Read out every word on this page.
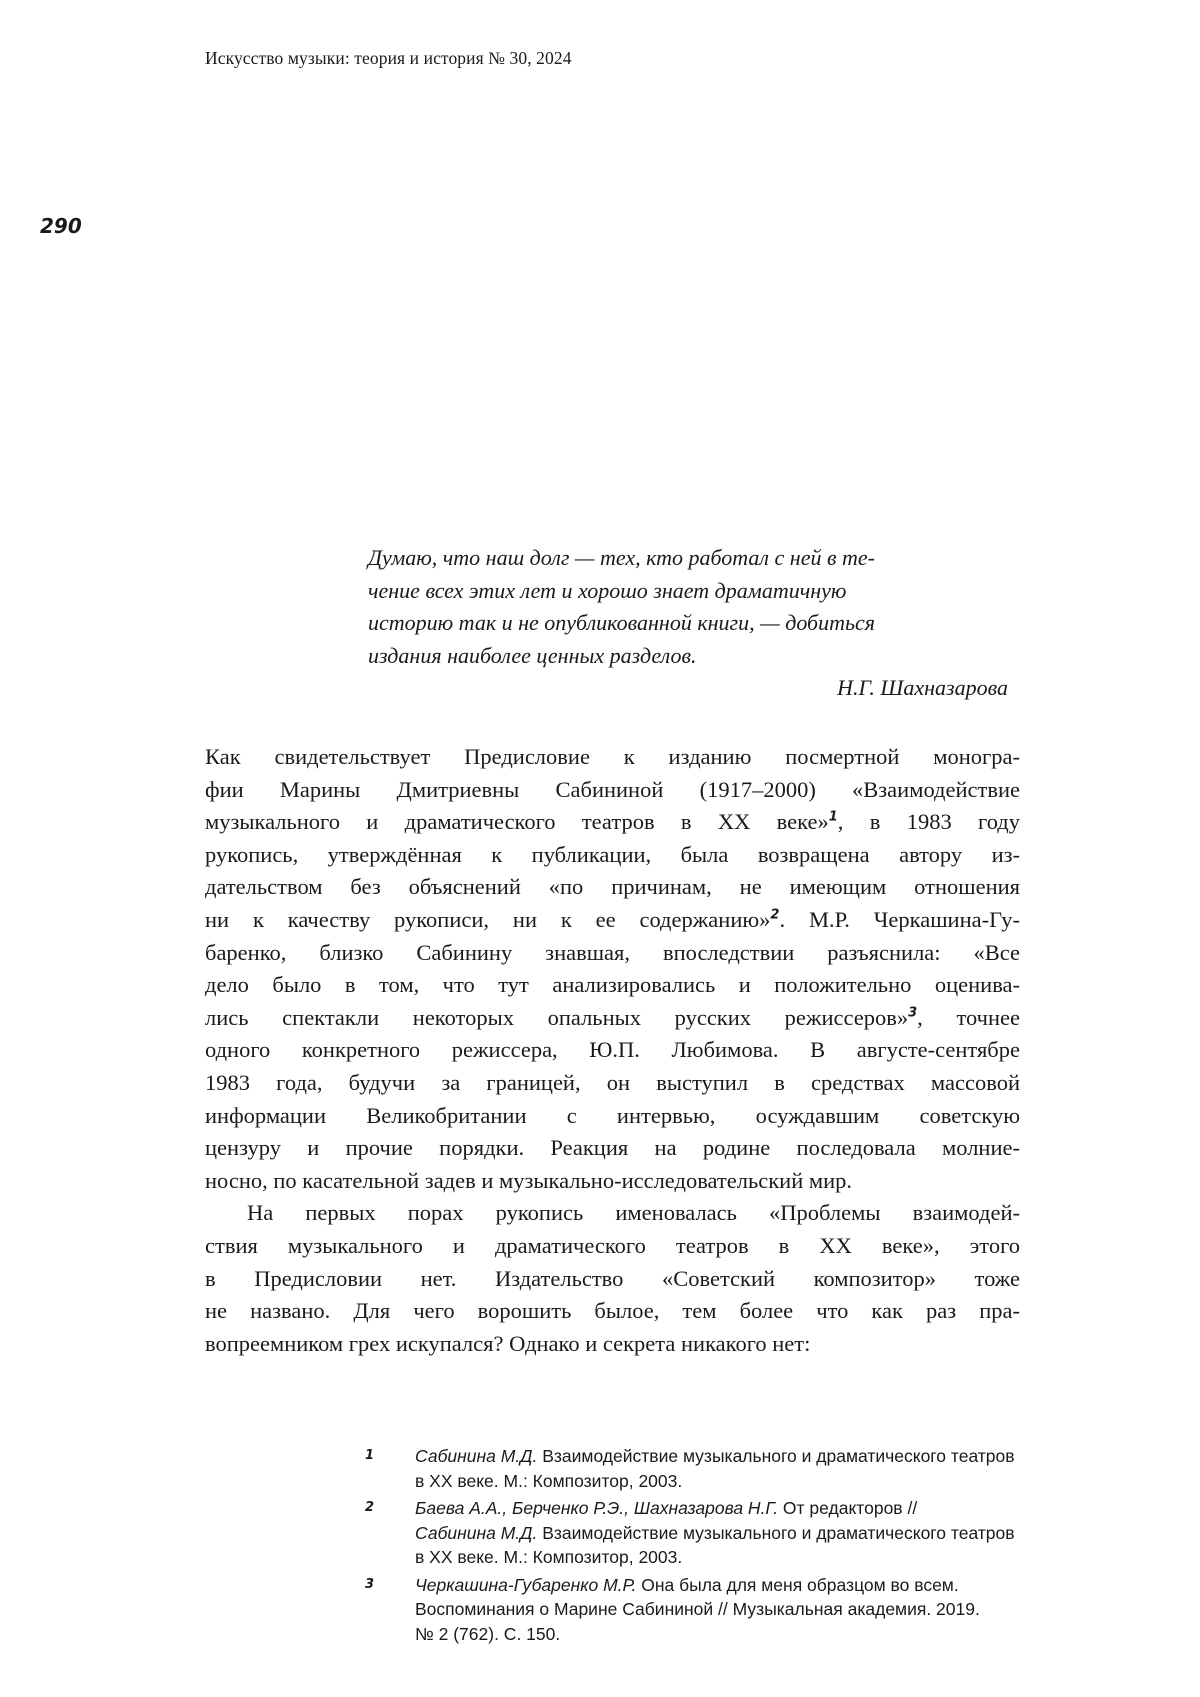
Искусство музыки: теория и история № 30, 2024
290
Думаю, что наш долг — тех, кто работал с ней в те-
чение всех этих лет и хорошо знает драматичную
историю так и не опубликованной книги, — добиться
издания наиболее ценных разделов.
Н.Г. Шахназарова
Как свидетельствует Предисловие к изданию посмертной моногра-
фии Марины Дмитриевны Сабининой (1917–2000) «Взаимодействие
музыкального и драматического театров в XX веке»$^1$, в 1983 году
рукопись, утверждённая к публикации, была возвращена автору из-
дательством без объяснений «по причинам, не имеющим отношения
ни к качеству рукописи, ни к ее содержанию»$^2$. М.Р. Черкашина-Гу-
баренко, близко Сабинину знавшая, впоследствии разъяснила: «Все
дело было в том, что тут анализировались и положительно оценива-
лись спектакли некоторых опальных русских режиссеров»$^3$, точнее
одного конкретного режиссера, Ю.П. Любимова. В августе-сентябре
1983 года, будучи за границей, он выступил в средствах массовой
информации Великобритании с интервью, осуждавшим советскую
цензуру и прочие порядки. Реакция на родине последовала молние-
носно, по касательной задев и музыкально-исследовательский мир.
На первых порах рукопись именовалась «Проблемы взаимодей-
ствия музыкального и драматического театров в XX веке», этого
в Предисловии нет. Издательство «Советский композитор» тоже
не названо. Для чего ворошить былое, тем более что как раз пра-
вопреемником грех искупался? Однако и секрета никакого нет:
1 Сабинина М.Д. Взаимодействие музыкального и драматического театров
в XX веке. М.: Композитор, 2003.
2 Баева А.А., Берченко Р.Э., Шахназарова Н.Г. От редакторов //
Сабинина М.Д. Взаимодействие музыкального и драматического театров
в XX веке. М.: Композитор, 2003.
3 Черкашина-Губаренко М.Р. Она была для меня образцом во всем.
Воспоминания о Марине Сабининой // Музыкальная академия. 2019.
№ 2 (762). С. 150.
